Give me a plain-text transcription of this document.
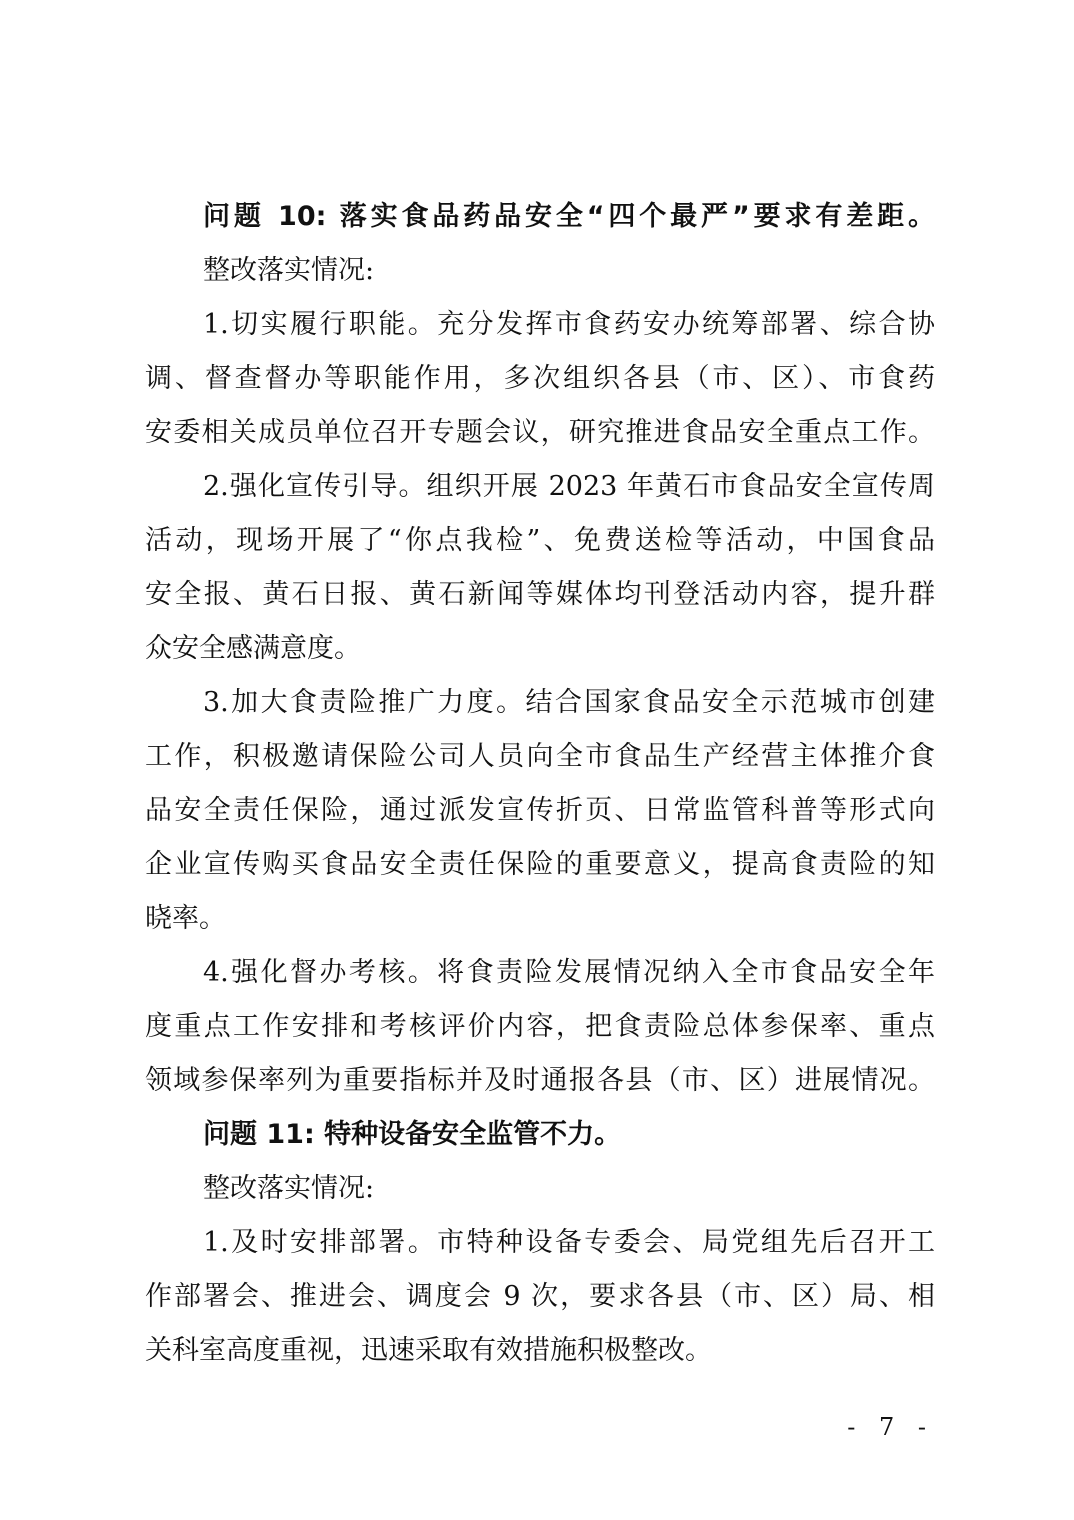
问题 10: 落实食品药品安全“四个最严”要求有差距。
整改落实情况:
1.切实履行职能。充分发挥市食药安办统筹部署、综合协
调、督查督办等职能作用，多次组织各县（市、区）、市食药
安委相关成员单位召开专题会议，研究推进食品安全重点工作。
2.强化宣传引导。组织开展 2023 年黄石市食品安全宣传周
活动，现场开展了“你点我检”、免费送检等活动，中国食品
安全报、黄石日报、黄石新闻等媒体均刊登活动内容，提升群
众安全感满意度。
3.加大食责险推广力度。结合国家食品安全示范城市创建
工作，积极邀请保险公司人员向全市食品生产经营主体推介食
品安全责任保险，通过派发宣传折页、日常监管科普等形式向
企业宣传购买食品安全责任保险的重要意义，提高食责险的知
晓率。
4.强化督办考核。将食责险发展情况纳入全市食品安全年
度重点工作安排和考核评价内容，把食责险总体参保率、重点
领域参保率列为重要指标并及时通报各县（市、区）进展情况。
问题 11: 特种设备安全监管不力。
整改落实情况:
1.及时安排部署。市特种设备专委会、局党组先后召开工
作部署会、推进会、调度会 9 次，要求各县（市、区）局、相
关科室高度重视，迅速采取有效措施积极整改。
- 7 -
